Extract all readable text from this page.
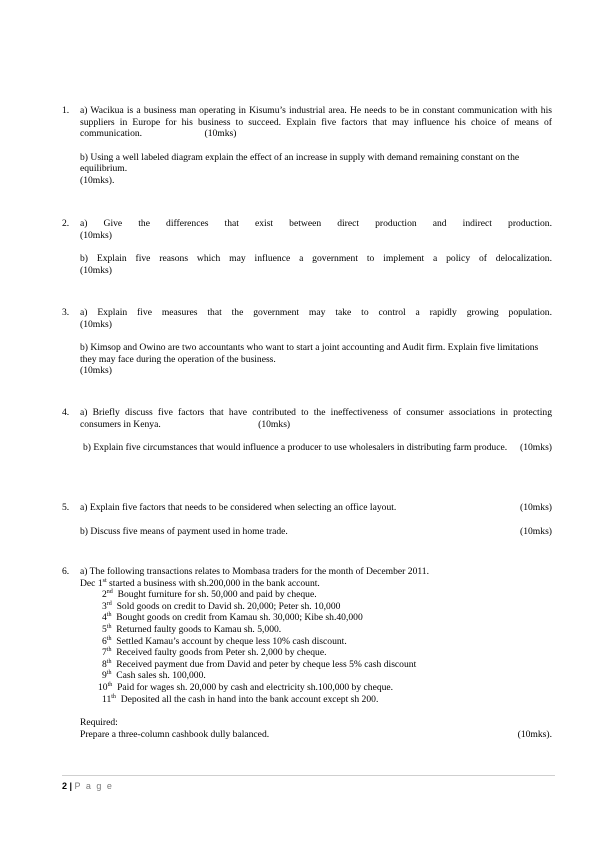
1. a) Wacikua is a business man operating in Kisumu’s industrial area. He needs to be in constant communication with his suppliers in Europe for his business to succeed. Explain five factors that may influence his choice of means of communication.	(10mks)
b) Using a well labeled diagram explain the effect of an increase in supply with demand remaining constant on the equilibrium.
(10mks).
2. a) Give the differences that exist between direct production and indirect production.
(10mks)
b) Explain five reasons which may influence a government to implement a policy of delocalization.
(10mks)
3. a) Explain five measures that the government may take to control a rapidly growing population.
(10mks)
b) Kimsop and Owino are two accountants who want to start a joint accounting and Audit firm. Explain five limitations they may face during the operation of the business.
(10mks)
4. a) Briefly discuss five factors that have contributed to the ineffectiveness of consumer associations in protecting consumers in Kenya.	(10mks)
b) Explain five circumstances that would influence a producer to use wholesalers in distributing farm produce. (10mks)
5. a) Explain five factors that needs to be considered when selecting an office layout.	(10mks)
b) Discuss five means of payment used in home trade.	(10mks)
6. a) The following transactions relates to Mombasa traders for the month of December 2011.
Dec 1st started a business with sh.200,000 in the bank account.
2nd  Bought furniture for sh. 50,000 and paid by cheque.
3rd  Sold goods on credit to David sh. 20,000; Peter sh. 10,000
4th  Bought goods on credit from Kamau sh. 30,000; Kibe sh.40,000
5th  Returned faulty goods to Kamau sh. 5,000.
6th  Settled Kamau’s account by cheque less 10% cash discount.
7th  Received faulty goods from Peter sh. 2,000 by cheque.
8th  Received payment due from David and peter by cheque less 5% cash discount
9th  Cash sales sh. 100,000.
10th  Paid for wages sh. 20,000 by cash and electricity sh.100,000 by cheque.
11th  Deposited all the cash in hand into the bank account except sh 200.
Required:
Prepare a three-column cashbook dully balanced.	(10mks).
2 | P a g e
